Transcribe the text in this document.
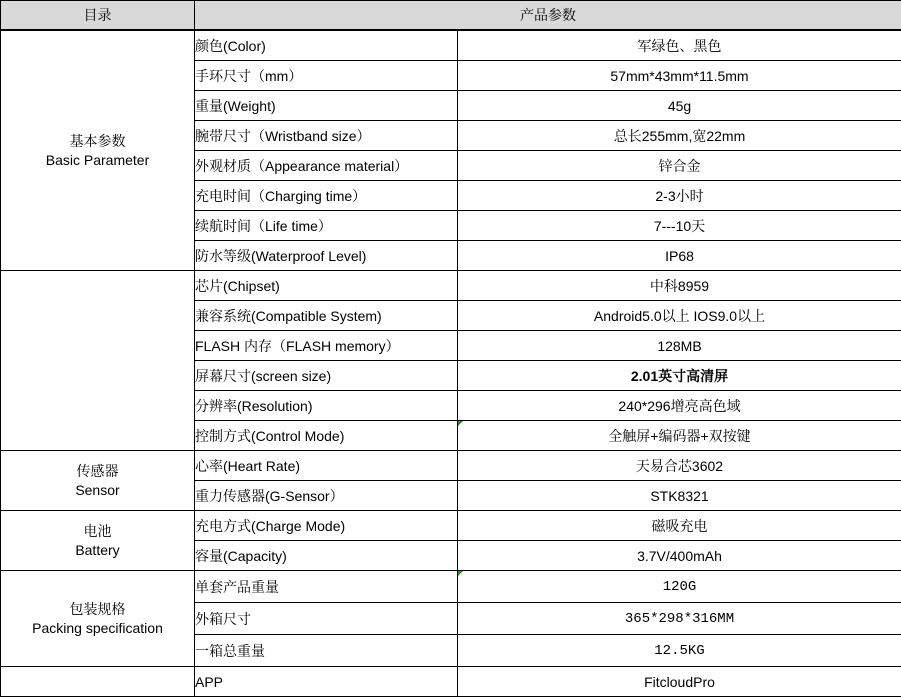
目录	产品参数	

基本参数
Basic Parameter	颜色(Color)	军绿色、黑色
	手环尺寸（mm）	57mm*43mm*11.5mm
	重量(Weight)	45g
	腕带尺寸（Wristband size）	总长255mm,宽22mm
	外观材质（Appearance material）	锌合金
	充电时间（Charging time）	2-3小时
	续航时间（Life time）	7---10天
	防水等级(Waterproof Level)	IP68
	芯片(Chipset)	中科8959
	兼容系统(Compatible System)	Android5.0以上 IOS9.0以上
	FLASH 内存（FLASH memory）	128MB
	屏幕尺寸(screen size)	2.01英寸高清屏
	分辨率(Resolution)	240*296增亮高色域
	控制方式(Control Mode)	全触屏+编码器+双按键

传感器
Sensor	心率(Heart Rate)	天易合芯3602
	重力传感器(G-Sensor）	STK8321

电池
Battery	充电方式(Charge Mode)	磁吸充电
	容量(Capacity)	3.7V/400mAh

包装规格
Packing specification	单套产品重量	120G
	外箱尺寸	365*298*316MM
	一箱总重量	12.5KG
	APP	FitcloudPro
